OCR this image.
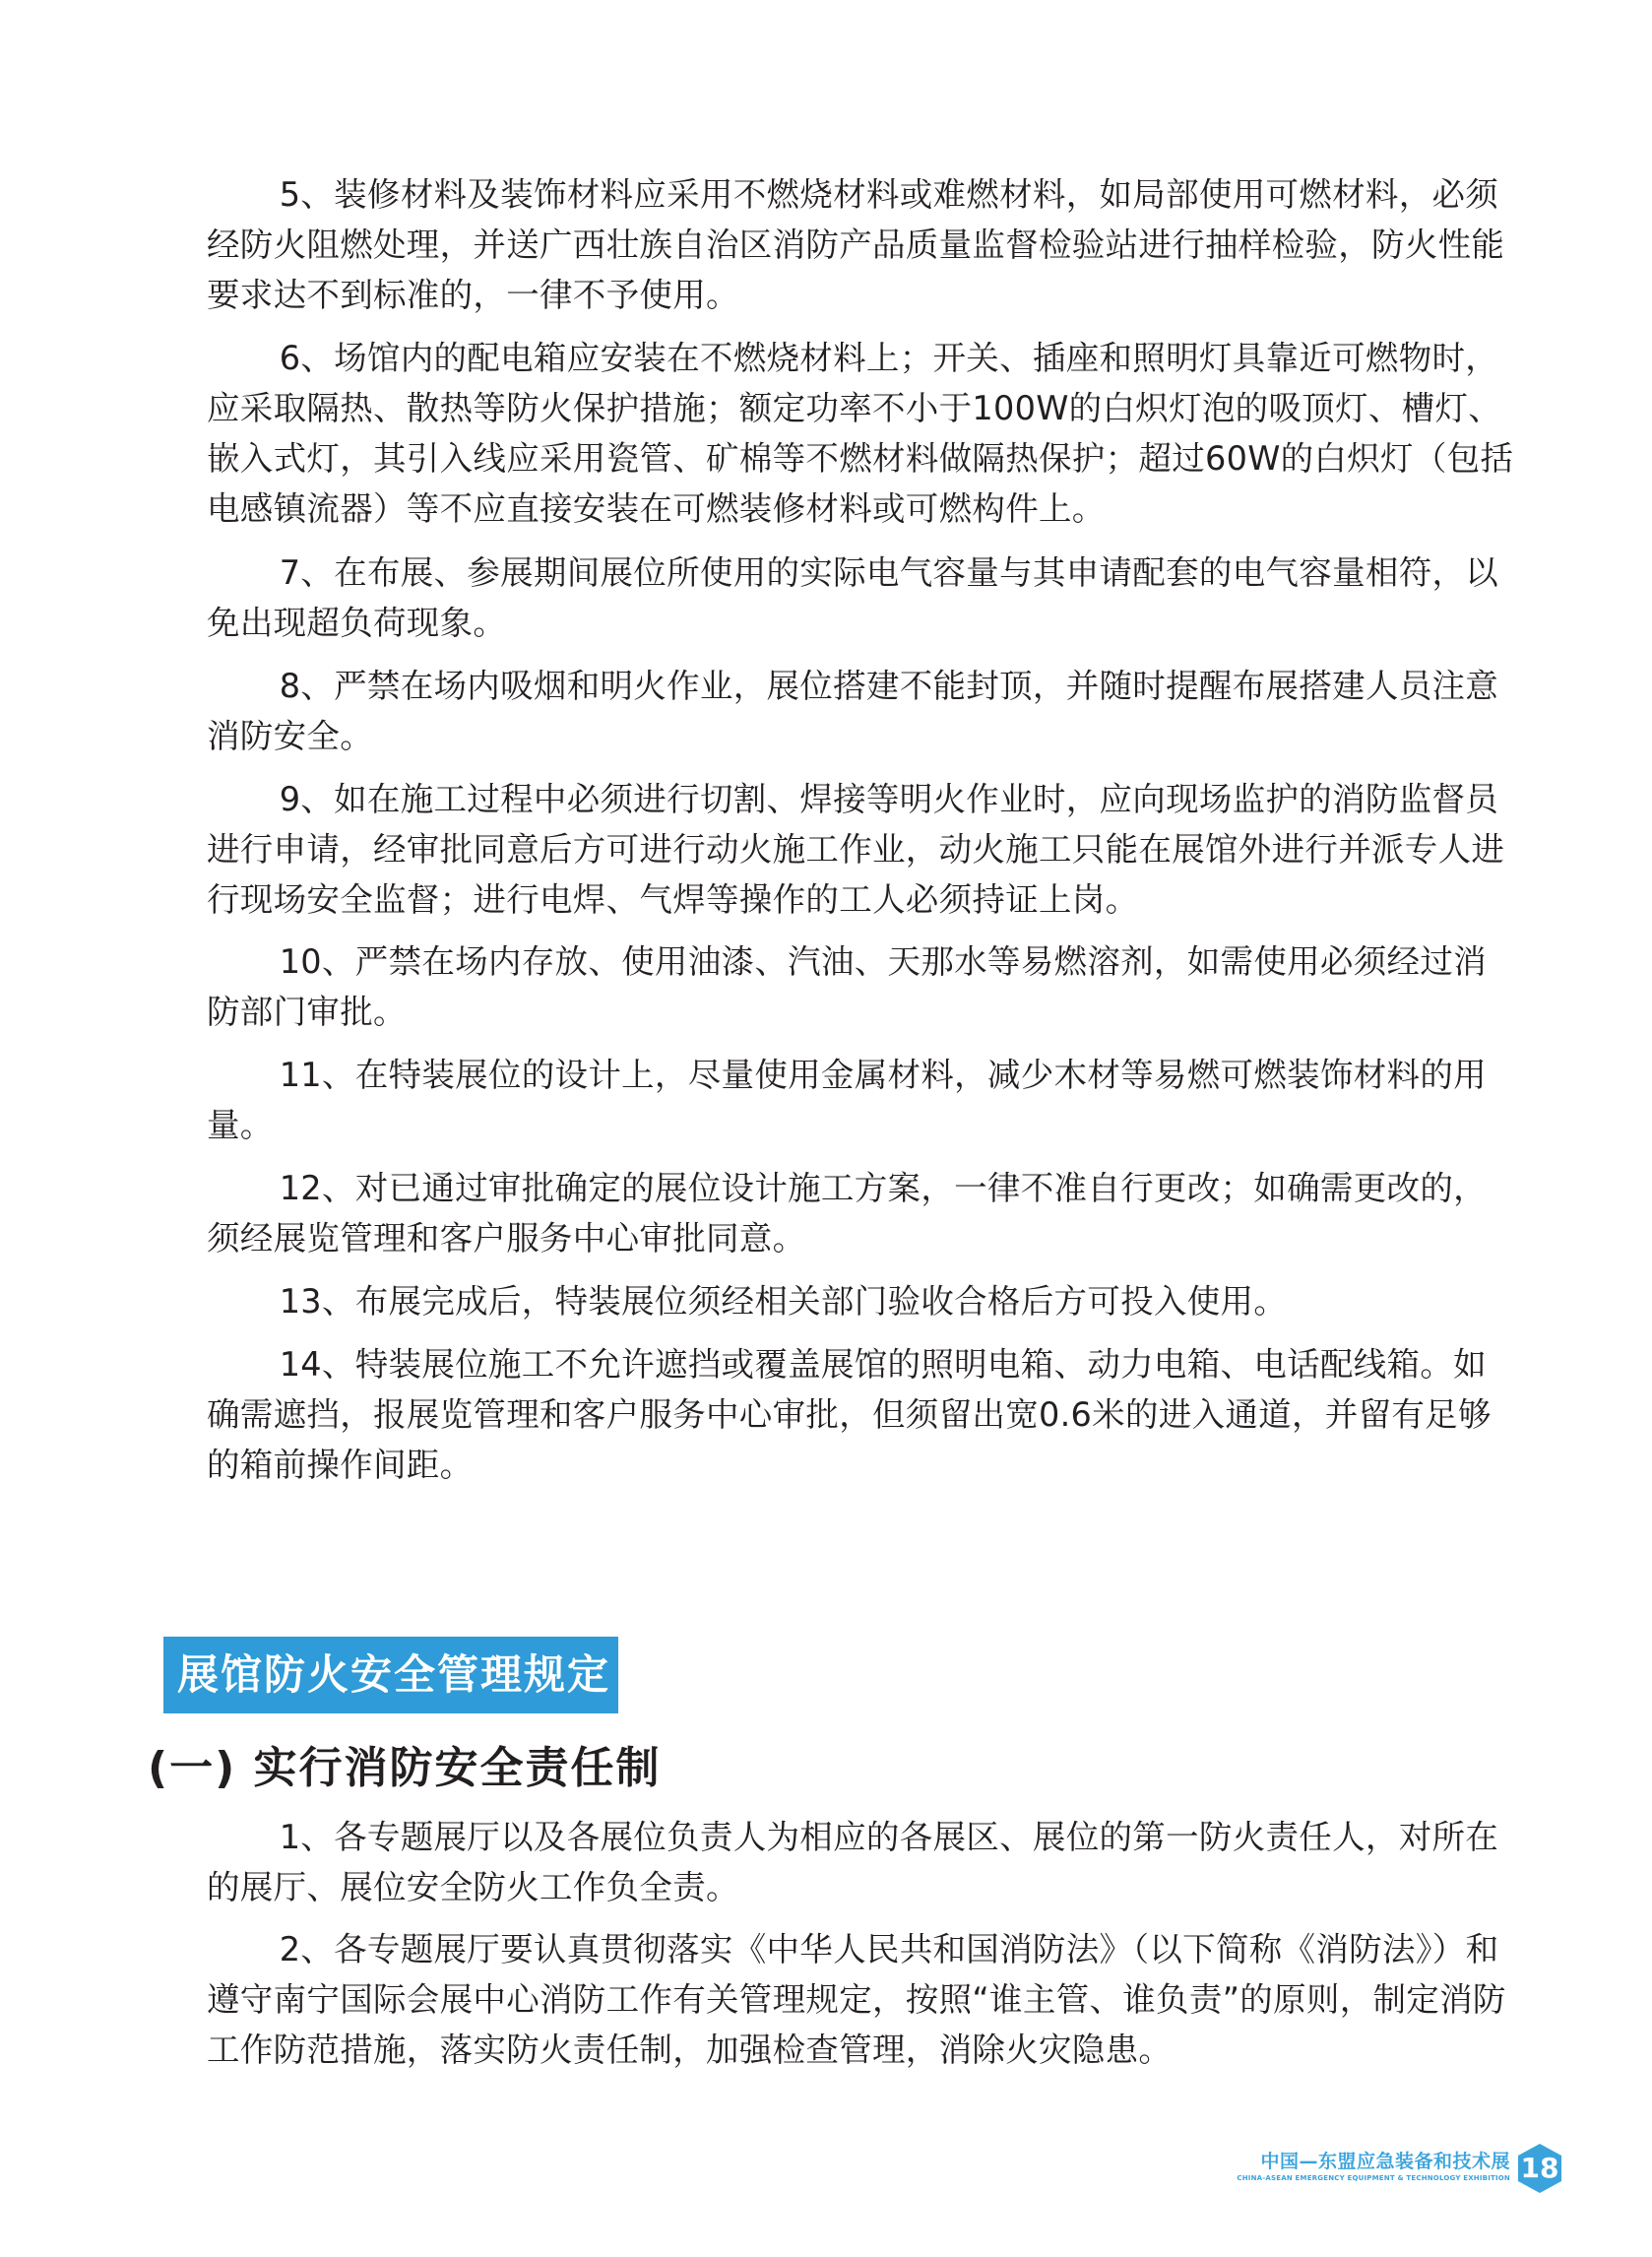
5、装修材料及装饰材料应采用不燃烧材料或难燃材料，如局部使用可燃材料，必须经防火阻燃处理，并送广西壮族自治区消防产品质量监督检验站进行抽样检验，防火性能要求达不到标准的，一律不予使用。

6、场馆内的配电箱应安装在不燃烧材料上；开关、插座和照明灯具靠近可燃物时，应采取隔热、散热等防火保护措施；额定功率不小于100W的白炽灯泡的吸顶灯、槽灯、嵌入式灯，其引入线应采用瓷管、矿棉等不燃材料做隔热保护；超过60W的白炽灯（包括电感镇流器）等不应直接安装在可燃装修材料或可燃构件上。

7、在布展、参展期间展位所使用的实际电气容量与其申请配套的电气容量相符，以免出现超负荷现象。

8、严禁在场内吸烟和明火作业，展位搭建不能封顶，并随时提醒布展搭建人员注意消防安全。

9、如在施工过程中必须进行切割、焊接等明火作业时，应向现场监护的消防监督员进行申请，经审批同意后方可进行动火施工作业，动火施工只能在展馆外进行并派专人进行现场安全监督；进行电焊、气焊等操作的工人必须持证上岗。

10、严禁在场内存放、使用油漆、汽油、天那水等易燃溶剂，如需使用必须经过消防部门审批。

11、在特装展位的设计上，尽量使用金属材料，减少木材等易燃可燃装饰材料的用量。

12、对已通过审批确定的展位设计施工方案，一律不准自行更改；如确需更改的，须经展览管理和客户服务中心审批同意。

13、布展完成后，特装展位须经相关部门验收合格后方可投入使用。

14、特装展位施工不允许遮挡或覆盖展馆的照明电箱、动力电箱、电话配线箱。如确需遮挡，报展览管理和客户服务中心审批，但须留出宽0.6米的进入通道，并留有足够的箱前操作间距。

展馆防火安全管理规定
(一) 实行消防安全责任制

1、各专题展厅以及各展位负责人为相应的各展区、展位的第一防火责任人，对所在的展厅、展位安全防火工作负全责。

2、各专题展厅要认真贯彻落实《中华人民共和国消防法》（以下简称《消防法》）和遵守南宁国际会展中心消防工作有关管理规定，按照“谁主管、谁负责”的原则，制定消防工作防范措施，落实防火责任制，加强检查管理，消除火灾隐患。

中国—东盟应急装备和技术展
CHINA-ASEAN EMERGENCY EQUIPMENT & TECHNOLOGY EXHIBITION 18
